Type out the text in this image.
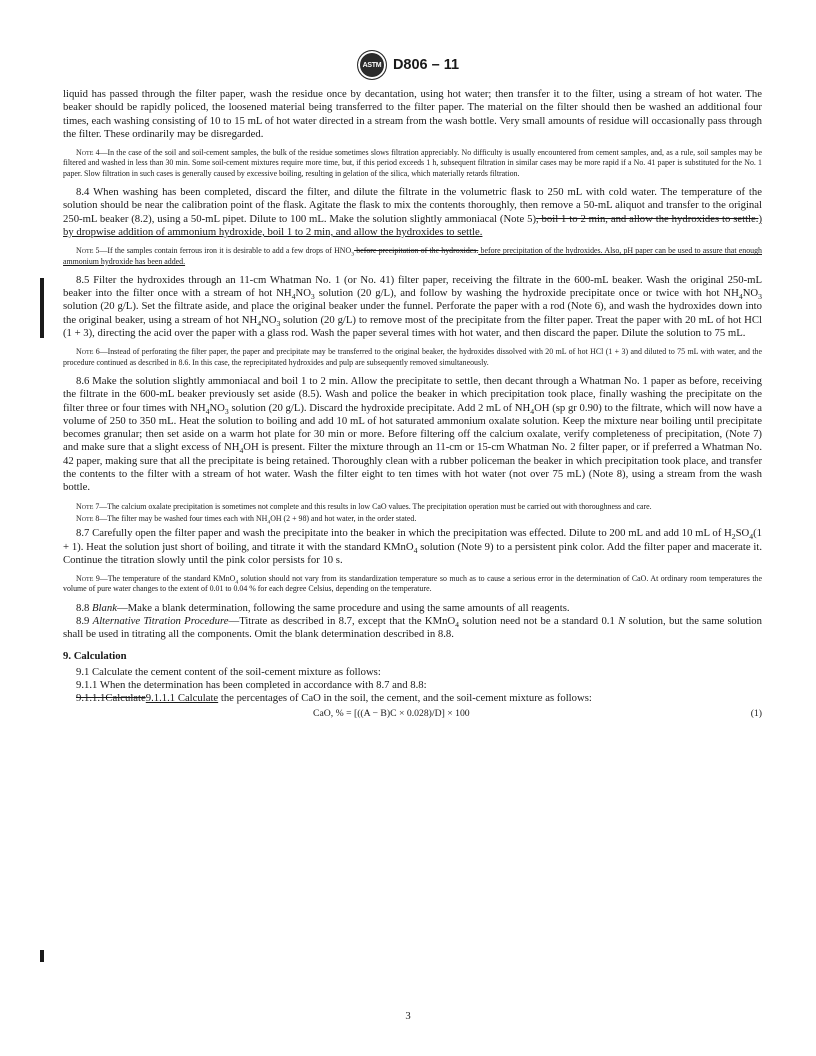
ASTM D806 – 11

liquid has passed through the filter paper, wash the residue once by decantation, using hot water; then transfer it to the filter, using a stream of hot water. The beaker should be rapidly policed, the loosened material being transferred to the filter paper. The material on the filter should then be washed an additional four times, each washing consisting of 10 to 15 mL of hot water directed in a stream from the wash bottle. Very small amounts of residue will occasionally pass through the filter. These ordinarily may be disregarded.

Note 4—In the case of the soil and soil-cement samples, the bulk of the residue sometimes slows filtration appreciably. No difficulty is usually encountered from cement samples, and, as a rule, soil samples may be filtered and washed in less than 30 min. Some soil-cement mixtures require more time, but, if this period exceeds 1 h, subsequent filtration in similar cases may be more rapid if a No. 41 paper is substituted for the No. 1 paper. Slow filtration in such cases is generally caused by excessive boiling, resulting in gelation of the silica, which materially retards filtration.

8.4 When washing has been completed, discard the filter, and dilute the filtrate in the volumetric flask to 250 mL with cold water. The temperature of the solution should be near the calibration point of the flask. Agitate the flask to mix the contents thoroughly, then remove a 50-mL aliquot and transfer to the original 250-mL beaker (8.2), using a 50-mL pipet. Dilute to 100 mL. Make the solution slightly ammoniacal (Note 5), boil 1 to 2 min, and allow the hydroxides to settle.) by dropwise addition of ammonium hydroxide, boil 1 to 2 min, and allow the hydroxides to settle.

Note 5—If the samples contain ferrous iron it is desirable to add a few drops of $HNO_3$ before precipitation of the hydroxides. before precipitation of the hydroxides. Also, pH paper can be used to assure that enough ammonium hydroxide has been added.

8.5 Filter the hydroxides through an 11-cm Whatman No. 1 (or No. 41) filter paper, receiving the filtrate in the 600-mL beaker. Wash the original 250-mL beaker into the filter once with a stream of hot $NH_4NO_3$ solution (20 g/L), and follow by washing the hydroxide precipitate once or twice with hot $NH_4NO_3$ solution (20 g/L). Set the filtrate aside, and place the original beaker under the funnel. Perforate the paper with a rod (Note 6), and wash the hydroxides down into the original beaker, using a stream of hot $NH_4NO_3$ solution (20 g/L) to remove most of the precipitate from the filter paper. Treat the paper with 20 mL of hot HCl (1 + 3), directing the acid over the paper with a glass rod. Wash the paper several times with hot water, and then discard the paper. Dilute the solution to 75 mL.

Note 6—Instead of perforating the filter paper, the paper and precipitate may be transferred to the original beaker, the hydroxides dissolved with 20 mL of hot HCl (1 + 3) and diluted to 75 mL with water, and the procedure continued as described in 8.6. In this case, the reprecipitated hydroxides and pulp are subsequently removed simultaneously.

8.6 Make the solution slightly ammoniacal and boil 1 to 2 min. Allow the precipitate to settle, then decant through a Whatman No. 1 paper as before, receiving the filtrate in the 600-mL beaker previously set aside (8.5). Wash and police the beaker in which precipitation took place, finally washing the precipitate on the filter three or four times with $NH_4NO_3$ solution (20 g/L). Discard the hydroxide precipitate. Add 2 mL of $NH_4OH$ (sp gr 0.90) to the filtrate, which will now have a volume of 250 to 350 mL. Heat the solution to boiling and add 10 mL of hot saturated ammonium oxalate solution. Keep the mixture near boiling until precipitate becomes granular; then set aside on a warm hot plate for 30 min or more. Before filtering off the calcium oxalate, verify completeness of precipitation, (Note 7) and make sure that a slight excess of $NH_4OH$ is present. Filter the mixture through an 11-cm or 15-cm Whatman No. 2 filter paper, or if preferred a Whatman No. 42 paper, making sure that all the precipitate is being retained. Thoroughly clean with a rubber policeman the beaker in which precipitation took place, and transfer the contents to the filter with a stream of hot water. Wash the filter eight to ten times with hot water (not over 75 mL) (Note 8), using a stream from the wash bottle.

Note 7—The calcium oxalate precipitation is sometimes not complete and this results in low CaO values. The precipitation operation must be carried out with thoroughness and care.

Note 8—The filter may be washed four times each with $NH_4OH$ (2 + 98) and hot water, in the order stated.

8.7 Carefully open the filter paper and wash the precipitate into the beaker in which the precipitation was effected. Dilute to 200 mL and add 10 mL of $H_2SO_4(1 + 1)$. Heat the solution just short of boiling, and titrate it with the standard KMnO$_4$ solution (Note 9) to a persistent pink color. Add the filter paper and macerate it. Continue the titration slowly until the pink color persists for 10 s.

Note 9—The temperature of the standard KMnO$_4$ solution should not vary from its standardization temperature so much as to cause a serious error in the determination of CaO. At ordinary room temperatures the volume of pure water changes to the extent of 0.01 to 0.04 % for each degree Celsius, depending on the temperature.

8.8 Blank—Make a blank determination, following the same procedure and using the same amounts of all reagents.

8.9 Alternative Titration Procedure—Titrate as described in 8.7, except that the KMnO$_4$ solution need not be a standard 0.1 N solution, but the same solution shall be used in titrating all the components. Omit the blank determination described in 8.8.

9. Calculation

9.1 Calculate the cement content of the soil-cement mixture as follows:

9.1.1 When the determination has been completed in accordance with 8.7 and 8.8:

9.1.1.1Calculate9.1.1.1 Calculate the percentages of CaO in the soil, the cement, and the soil-cement mixture as follows:

CaO, % = [((A − B)C × 0.028)/D] × 100	(1)
3
